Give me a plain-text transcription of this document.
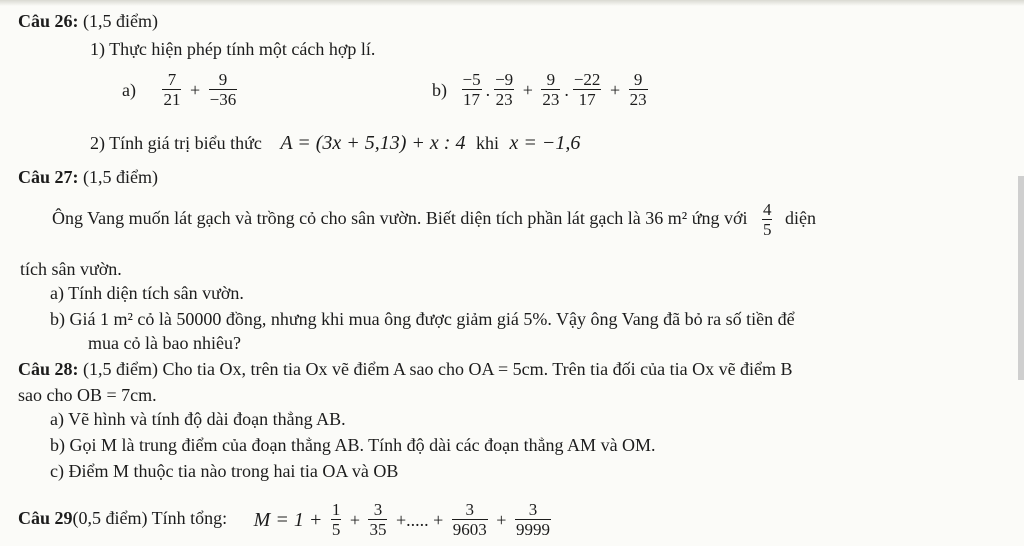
Câu 26: (1,5 điểm)
1) Thực hiện phép tính một cách hợp lí.
$a) \frac{7}{21} + \frac{9}{-36}$	$b) \frac{-5}{17}$ . $\frac{-9}{23} + \frac{9}{23}$ . $\frac{-22}{17} + \frac{9}{23}$
2) Tính giá trị biểu thức A = (3x + 5,13) + x : 4 khi x = −1,6
Câu 27: (1,5 điểm)
Ông Vang muốn lát gạch và trồng cỏ cho sân vườn. Biết diện tích phần lát gạch là 36 m² ứng với $\frac{4}{5}$ diện
tích sân vườn.
a) Tính diện tích sân vườn.
b) Giá 1 m² cỏ là 50000 đồng, nhưng khi mua ông được giảm giá 5%. Vậy ông Vang đã bỏ ra số tiền để
mua cỏ là bao nhiêu?
Câu 28: (1,5 điểm) Cho tia Ox, trên tia Ox vẽ điểm A sao cho OA = 5cm. Trên tia đối của tia Ox vẽ điểm B
sao cho OB = 7cm.
a) Vẽ hình và tính độ dài đoạn thẳng AB.
b) Gọi M là trung điểm của đoạn thẳng AB. Tính độ dài các đoạn thẳng AM và OM.
c) Điểm M thuộc tia nào trong hai tia OA và OB
Câu 29(0,5 điểm) Tính tổng: $M = 1 + \frac{1}{5} + \frac{3}{35}$ +..... + $\frac{3}{9603} + \frac{3}{9999}$
